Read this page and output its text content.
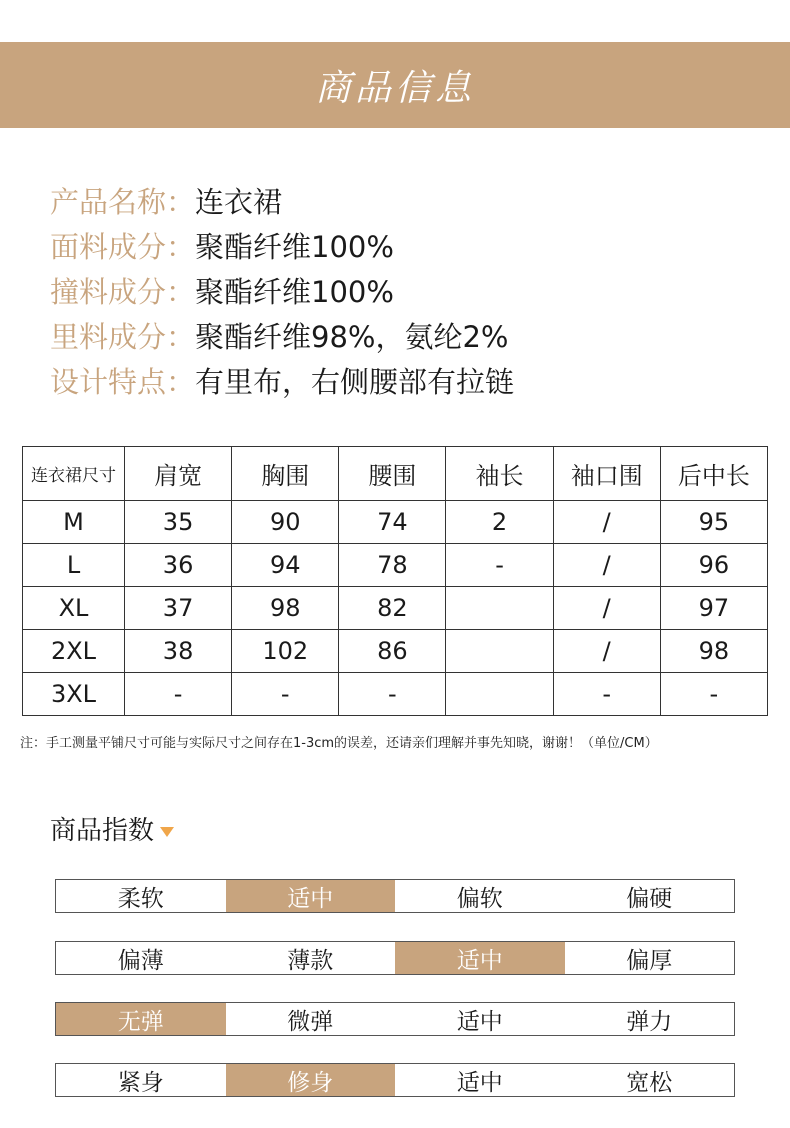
商品信息
产品名称： 连衣裙
面料成分： 聚酯纤维100%
撞料成分： 聚酯纤维100%
里料成分： 聚酯纤维98%，氨纶2%
设计特点： 有里布，右侧腰部有拉链
连衣裙尺寸	肩宽	胸围	腰围	袖长	袖口围	后中长
M	35	90	74	2	/	95
L	36	94	78	-	/	96
XL	37	98	82		/	97
2XL	38	102	86		/	98
3XL	-	-	-		-	-
注：手工测量平铺尺寸可能与实际尺寸之间存在1-3cm的误差，还请亲们理解并事先知晓，谢谢！（单位/CM）
商品指数
柔软	适中	偏软	偏硬
偏薄	薄款	适中	偏厚
无弹	微弹	适中	弹力
紧身	修身	适中	宽松
